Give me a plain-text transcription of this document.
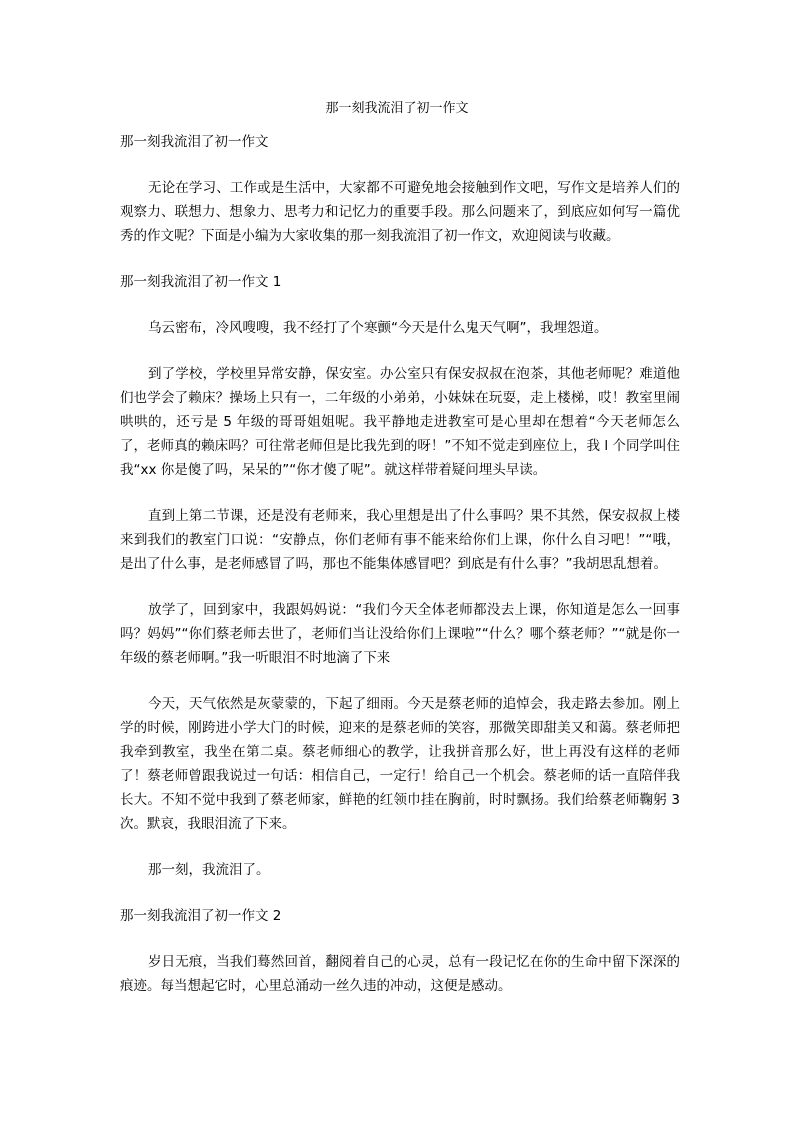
那一刻我流泪了初一作文

那一刻我流泪了初一作文

无论在学习、工作或是生活中，大家都不可避免地会接触到作文吧，写作文是培养人们的观察力、联想力、想象力、思考力和记忆力的重要手段。那么问题来了，到底应如何写一篇优秀的作文呢？下面是小编为大家收集的那一刻我流泪了初一作文，欢迎阅读与收藏。

那一刻我流泪了初一作文 1

乌云密布，冷风嗖嗖，我不经打了个寒颤“今天是什么鬼天气啊”，我埋怨道。

到了学校，学校里异常安静，保安室。办公室只有保安叔叔在泡茶，其他老师呢？难道他们也学会了赖床？操场上只有一，二年级的小弟弟，小妹妹在玩耍，走上楼梯，哎！教室里闹哄哄的，还亏是 5 年级的哥哥姐姐呢。我平静地走进教室可是心里却在想着“今天老师怎么了，老师真的赖床吗？可往常老师但是比我先到的呀！”不知不觉走到座位上，我 l 个同学叫住我“xx 你是傻了吗，呆呆的”“你才傻了呢”。就这样带着疑问埋头早读。

直到上第二节课，还是没有老师来，我心里想是出了什么事吗？果不其然，保安叔叔上楼来到我们的教室门口说：“安静点，你们老师有事不能来给你们上课，你什么自习吧！”“哦，是出了什么事，是老师感冒了吗，那也不能集体感冒吧？到底是有什么事？”我胡思乱想着。

放学了，回到家中，我跟妈妈说：“我们今天全体老师都没去上课，你知道是怎么一回事吗？妈妈”“你们蔡老师去世了，老师们当让没给你们上课啦”“什么？哪个蔡老师？”“就是你一年级的蔡老师啊。”我一听眼泪不时地滴了下来

今天，天气依然是灰蒙蒙的，下起了细雨。今天是蔡老师的追悼会，我走路去参加。刚上学的时候，刚跨进小学大门的时候，迎来的是蔡老师的笑容，那微笑即甜美又和蔼。蔡老师把我牵到教室，我坐在第二桌。蔡老师细心的教学，让我拼音那么好，世上再没有这样的老师了！蔡老师曾跟我说过一句话：相信自己，一定行！给自己一个机会。蔡老师的话一直陪伴我长大。不知不觉中我到了蔡老师家，鲜艳的红领巾挂在胸前，时时飘扬。我们给蔡老师鞠躬 3 次。默哀，我眼泪流了下来。

那一刻，我流泪了。

那一刻我流泪了初一作文 2

岁日无痕，当我们蓦然回首，翻阅着自己的心灵，总有一段记忆在你的生命中留下深深的痕迹。每当想起它时，心里总涌动一丝久违的冲动，这便是感动。
